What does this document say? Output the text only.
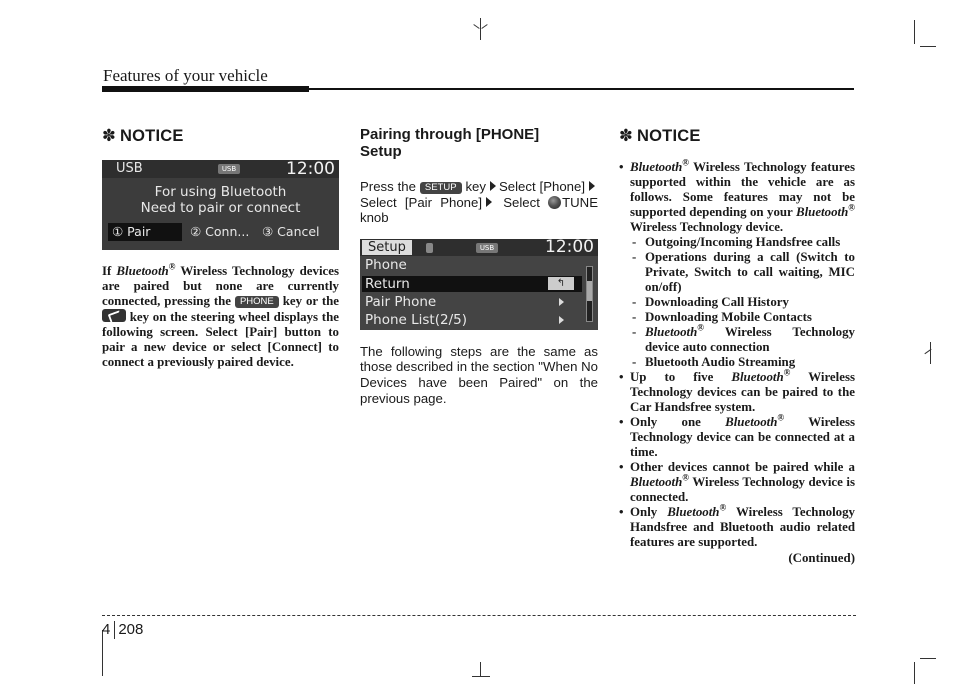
Features of your vehicle
✽ NOTICE
USB	USB	12:00
For using Bluetooth
Need to pair or connect
① Pair	② Conn... ③ Cancel
If Bluetooth® Wireless Technology devices are paired but none are currently connected, pressing the PHONE key or the  key on the steering wheel displays the following screen. Select [Pair] button to pair a new device or select [Connect] to connect a previously paired device.
Pairing through [PHONE] Setup
Press the SETUP key Select [Phone]Select [Pair Phone] Select TUNE knob
Setup	USB	12:00
Phone
Return	↰
Pair Phone
Phone List(2/5)
The following steps are the same as those described in the section "When No Devices have been Paired" on the previous page.
✽ NOTICE

• Bluetooth® Wireless Technology features supported within the vehicle are as follows. Some features may not be supported depending on your Bluetooth® Wireless Technology device.

- Outgoing/Incoming Handsfree calls

- Operations during a call (Switch to Private, Switch to call waiting, MIC on/off)

- Downloading Call History

- Downloading Mobile Contacts

- Bluetooth® Wireless Technology device auto connection

- Bluetooth Audio Streaming

• Up to five Bluetooth® Wireless Technology devices can be paired to the Car Handsfree system.

• Only one Bluetooth® Wireless Technology device can be connected at a time.

• Other devices cannot be paired while a Bluetooth® Wireless Technology device is connected.

• Only Bluetooth® Wireless Technology Handsfree and Bluetooth audio related features are supported.

(Continued)
4 208
